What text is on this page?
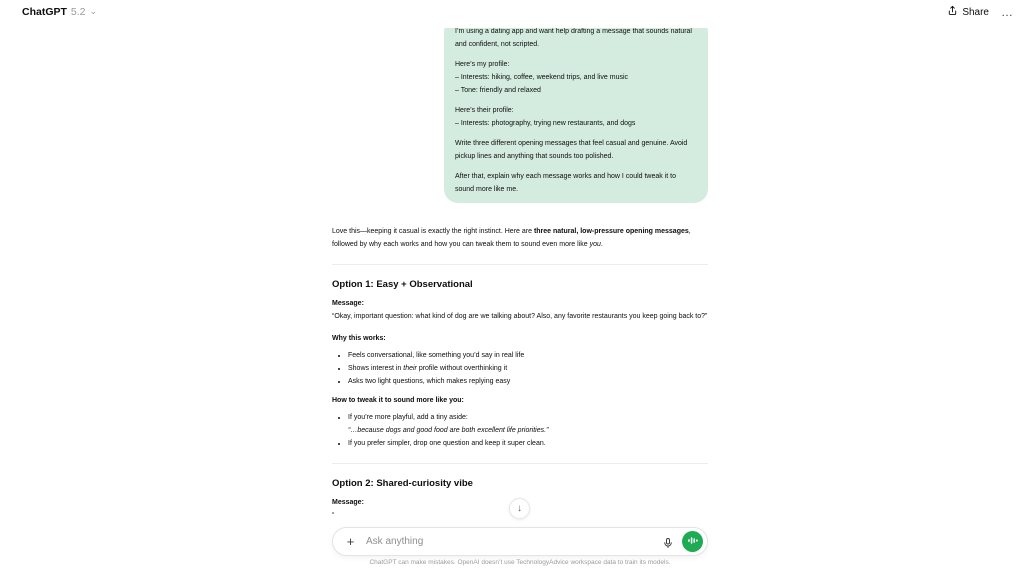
ChatGPT 5.2 ⌄	Share …

I’m using a dating app and want help drafting a message that sounds natural and confident, not scripted.

Here’s my profile:
– Interests: hiking, coffee, weekend trips, and live music
– Tone: friendly and relaxed

Here’s their profile:
– Interests: photography, trying new restaurants, and dogs

Write three different opening messages that feel casual and genuine. Avoid pickup lines and anything that sounds too polished.

After that, explain why each message works and how I could tweak it to sound more like me.

Love this—keeping it casual is exactly the right instinct. Here are three natural, low-pressure opening messages, followed by why each works and how you can tweak them to sound even more like you.

Option 1: Easy + Observational

Message:

“Okay, important question: what kind of dog are we talking about? Also, any favorite restaurants you keep going back to?”

Why this works:

• Feels conversational, like something you’d say in real life
• Shows interest in their profile without overthinking it
• Asks two light questions, which makes replying easy

How to tweak it to sound more like you:

• If you’re more playful, add a tiny aside:
“…because dogs and good food are both excellent life priorities.”
• If you prefer simpler, drop one question and keep it super clean.
Option 2: Shared-curiosity vibe

Message:

“

↓
+
Ask anything
ChatGPT can make mistakes. OpenAI doesn’t use TechnologyAdvice workspace data to train its models.
